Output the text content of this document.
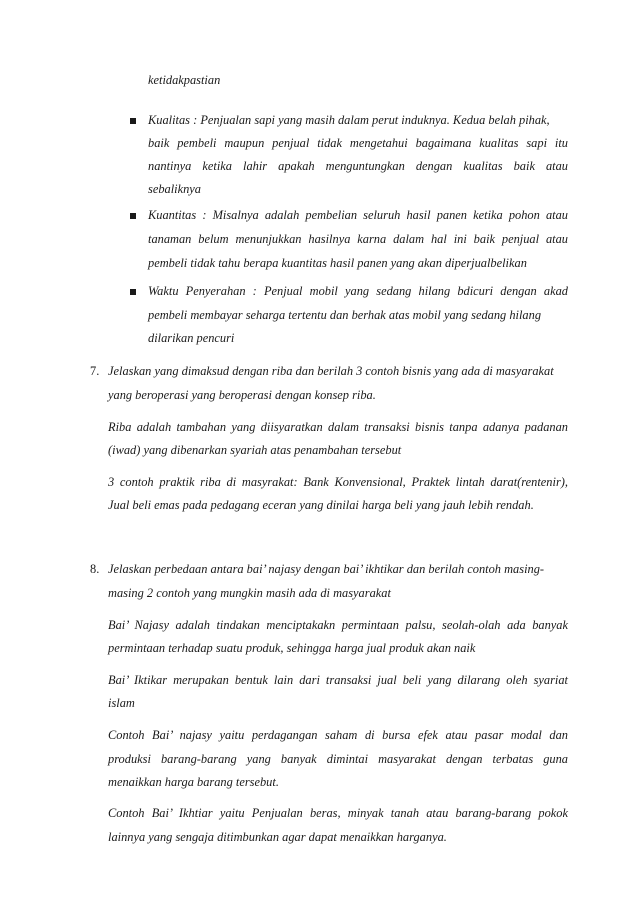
ketidakpastian
Kualitas : Penjualan sapi yang masih dalam perut induknya. Kedua belah pihak,
baik pembeli maupun penjual tidak mengetahui bagaimana kualitas sapi itu
nantinya ketika lahir apakah menguntungkan dengan kualitas baik atau
sebaliknya
Kuantitas : Misalnya adalah pembelian seluruh hasil panen ketika pohon atau
tanaman belum menunjukkan hasilnya karna dalam hal ini baik penjual atau
pembeli tidak tahu berapa kuantitas hasil panen yang akan diperjualbelikan
Waktu Penyerahan : Penjual mobil yang sedang hilang bdicuri dengan akad
pembeli membayar seharga tertentu dan berhak atas mobil yang sedang hilang
dilarikan pencuri
7. Jelaskan yang dimaksud dengan riba dan berilah 3 contoh bisnis yang ada di masyarakat
yang beroperasi yang beroperasi dengan konsep riba.
Riba adalah tambahan yang diisyaratkan dalam transaksi bisnis tanpa adanya padanan
(iwad) yang dibenarkan syariah atas penambahan tersebut
3 contoh praktik riba di masyrakat: Bank Konvensional, Praktek lintah darat(rentenir),
Jual beli emas pada pedagang eceran yang dinilai harga beli yang jauh lebih rendah.
8. Jelaskan perbedaan antara bai’ najasy dengan bai’ ikhtikar dan berilah contoh masing-
masing 2 contoh yang mungkin masih ada di masyarakat
Bai’ Najasy adalah tindakan menciptakakn permintaan palsu, seolah-olah ada banyak
permintaan terhadap suatu produk, sehingga harga jual produk akan naik
Bai’ Iktikar merupakan bentuk lain dari transaksi jual beli yang dilarang oleh syariat
islam
Contoh Bai’ najasy yaitu perdagangan saham di bursa efek atau pasar modal dan
produksi barang-barang yang banyak dimintai masyarakat dengan terbatas guna
menaikkan harga barang tersebut.
Contoh Bai’ Ikhtiar yaitu Penjualan beras, minyak tanah atau barang-barang pokok
lainnya yang sengaja ditimbunkan agar dapat menaikkan harganya.
